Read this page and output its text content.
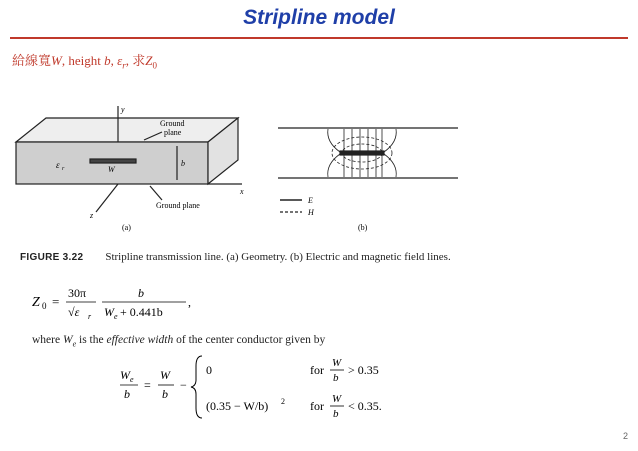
Stripline model
給線寬W, height b, $\varepsilon_r$, 求$Z_0$
y
Ground
plane
ε r	W
b
x
z
Ground plane
(a)
E
H
(b)
FIGURE 3.22 Stripline transmission line. (a) Geometry. (b) Electric and magnetic field lines.
Z 0 =
30π
√ε r
b
W e + 0.441b
,
where $W_e$ is the effective width of the center conductor given by
W e
b
=
W
b
−
0	for W
b
> 0.35
(0.35 − W/b) 2 for W
b
< 0.35.
2
